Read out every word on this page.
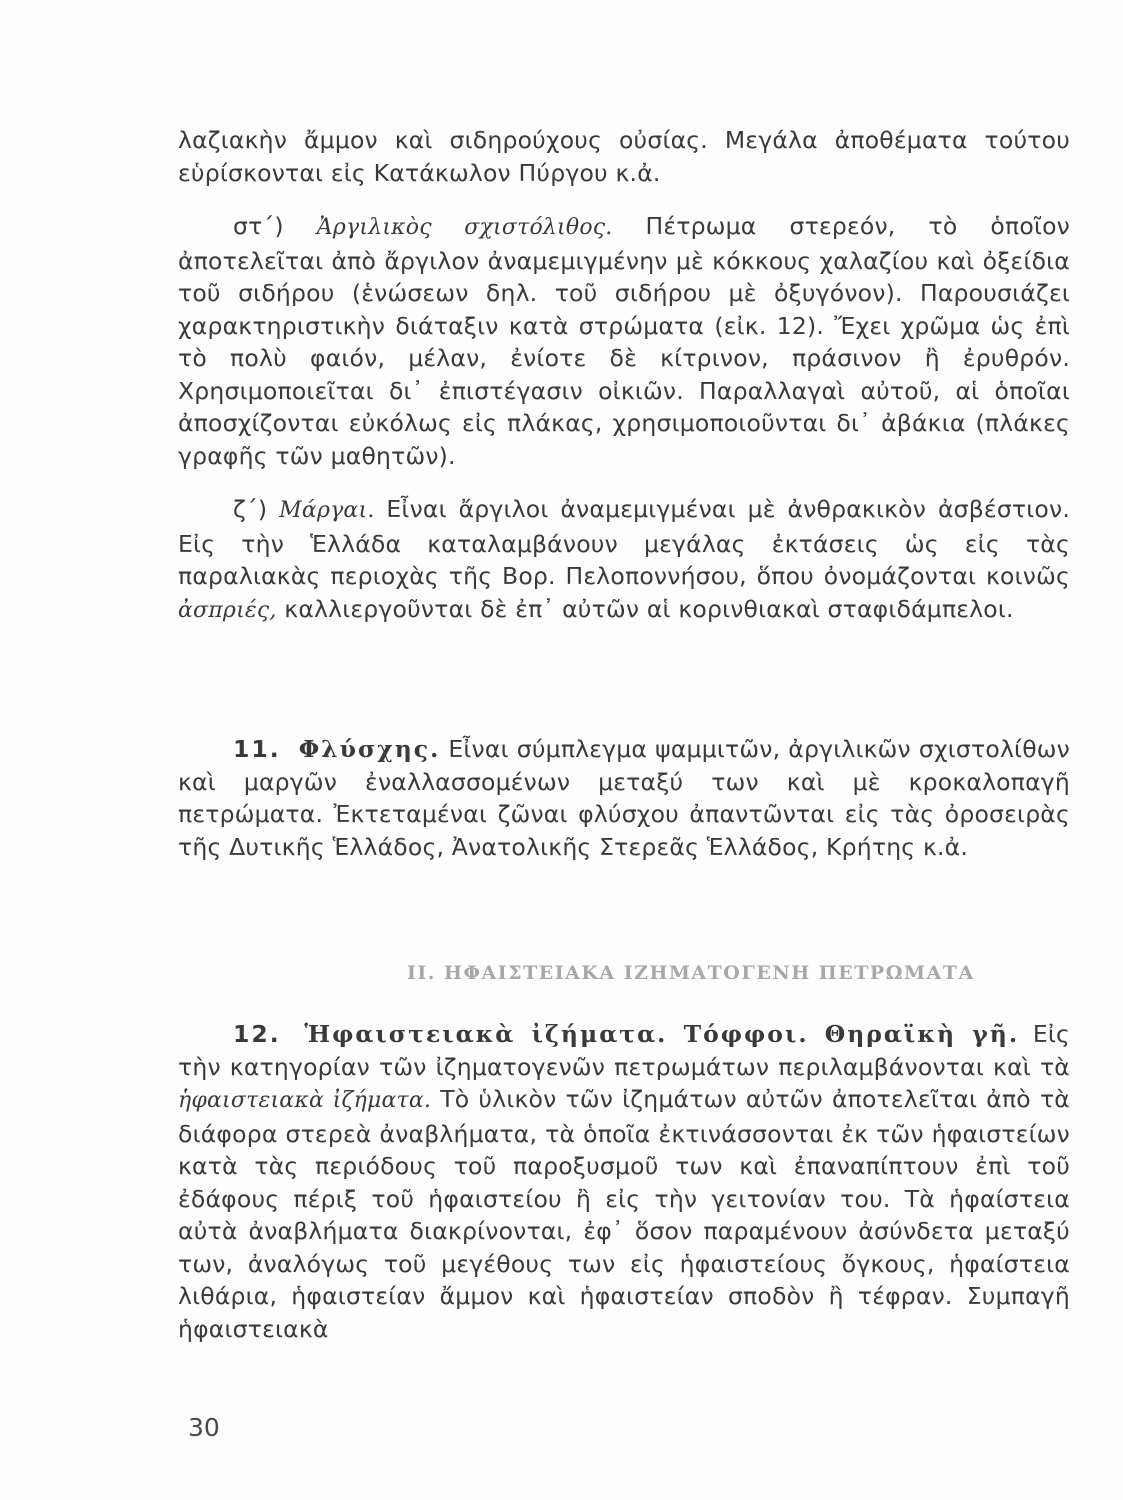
λαζιακὴν ἄμμον καὶ σιδηρούχους οὐσίας. Μεγάλα ἀποθέματα τούτου εὑρίσκονται εἰς Κατάκωλον Πύργου κ.ἀ.

στ΄) Ἀργιλικὸς σχιστόλιθος. Πέτρωμα στερεόν, τὸ ὁποῖον ἀποτελεῖται ἀπὸ ἄργιλον ἀναμεμιγμένην μὲ κόκκους χαλαζίου καὶ ὀξείδια τοῦ σιδήρου (ἑνώσεων δηλ. τοῦ σιδήρου μὲ ὀξυγόνον). Παρουσιάζει χαρακτηριστικὴν διάταξιν κατὰ στρώματα (εἰκ. 12). Ἔχει χρῶμα ὡς ἐπὶ τὸ πολὺ φαιόν, μέλαν, ἐνίοτε δὲ κίτρινον, πράσινον ἢ ἐρυθρόν. Χρησιμοποιεῖται δι᾽ ἐπιστέγασιν οἰκιῶν. Παραλλαγαὶ αὐτοῦ, αἱ ὁποῖαι ἀποσχίζονται εὐκόλως εἰς πλάκας, χρησιμοποιοῦνται δι᾽ ἀβάκια (πλάκες γραφῆς τῶν μαθητῶν).

ζ΄) Μάργαι. Εἶναι ἄργιλοι ἀναμεμιγμέναι μὲ ἀνθρακικὸν ἀσβέστιον. Εἰς τὴν Ἑλλάδα καταλαμβάνουν μεγάλας ἐκτάσεις ὡς εἰς τὰς παραλιακὰς περιοχὰς τῆς Βορ. Πελοποννήσου, ὅπου ὀνομάζονται κοινῶς ἀσπριές, καλλιεργοῦνται δὲ ἐπ᾽ αὐτῶν αἱ κορινθιακαὶ σταφιδάμπελοι.

11. Φλύσχης. Εἶναι σύμπλεγμα ψαμμιτῶν, ἀργιλικῶν σχιστολίθων καὶ μαργῶν ἐναλλασσομένων μεταξύ των καὶ μὲ κροκαλοπαγῆ πετρώματα. Ἐκτεταμέναι ζῶναι φλύσχου ἀπαντῶνται εἰς τὰς ὀροσειρὰς τῆς Δυτικῆς Ἑλλάδος, Ἀνατολικῆς Στερεᾶς Ἑλλάδος, Κρήτης κ.ἀ.

ΙΙ. ΗΦΑΙΣΤΕΙΑΚΑ ΙΖΗΜΑΤΟΓΕΝΗ ΠΕΤΡΩΜΑΤΑ

12. Ἡφαιστειακὰ ἰζήματα. Τόφφοι. Θηραϊκὴ γῆ. Εἰς τὴν κατηγορίαν τῶν ἰζηματογενῶν πετρωμάτων περιλαμβάνονται καὶ τὰ ἡφαιστειακὰ ἰζήματα. Τὸ ὑλικὸν τῶν ἰζημάτων αὐτῶν ἀποτελεῖται ἀπὸ τὰ διάφορα στερεὰ ἀναβλήματα, τὰ ὁποῖα ἐκτινάσσονται ἐκ τῶν ἡφαιστείων κατὰ τὰς περιόδους τοῦ παροξυσμοῦ των καὶ ἐπαναπίπτουν ἐπὶ τοῦ ἐδάφους πέριξ τοῦ ἡφαιστείου ἢ εἰς τὴν γειτονίαν του. Τὰ ἡφαίστεια αὐτὰ ἀναβλήματα διακρίνονται, ἐφ᾽ ὅσον παραμένουν ἀσύνδετα μεταξύ των, ἀναλόγως τοῦ μεγέθους των εἰς ἡφαιστείους ὄγκους, ἡφαίστεια λιθάρια, ἡφαιστείαν ἄμμον καὶ ἡφαιστείαν σποδὸν ἢ τέφραν. Συμπαγῆ ἡφαιστειακὰ

30
